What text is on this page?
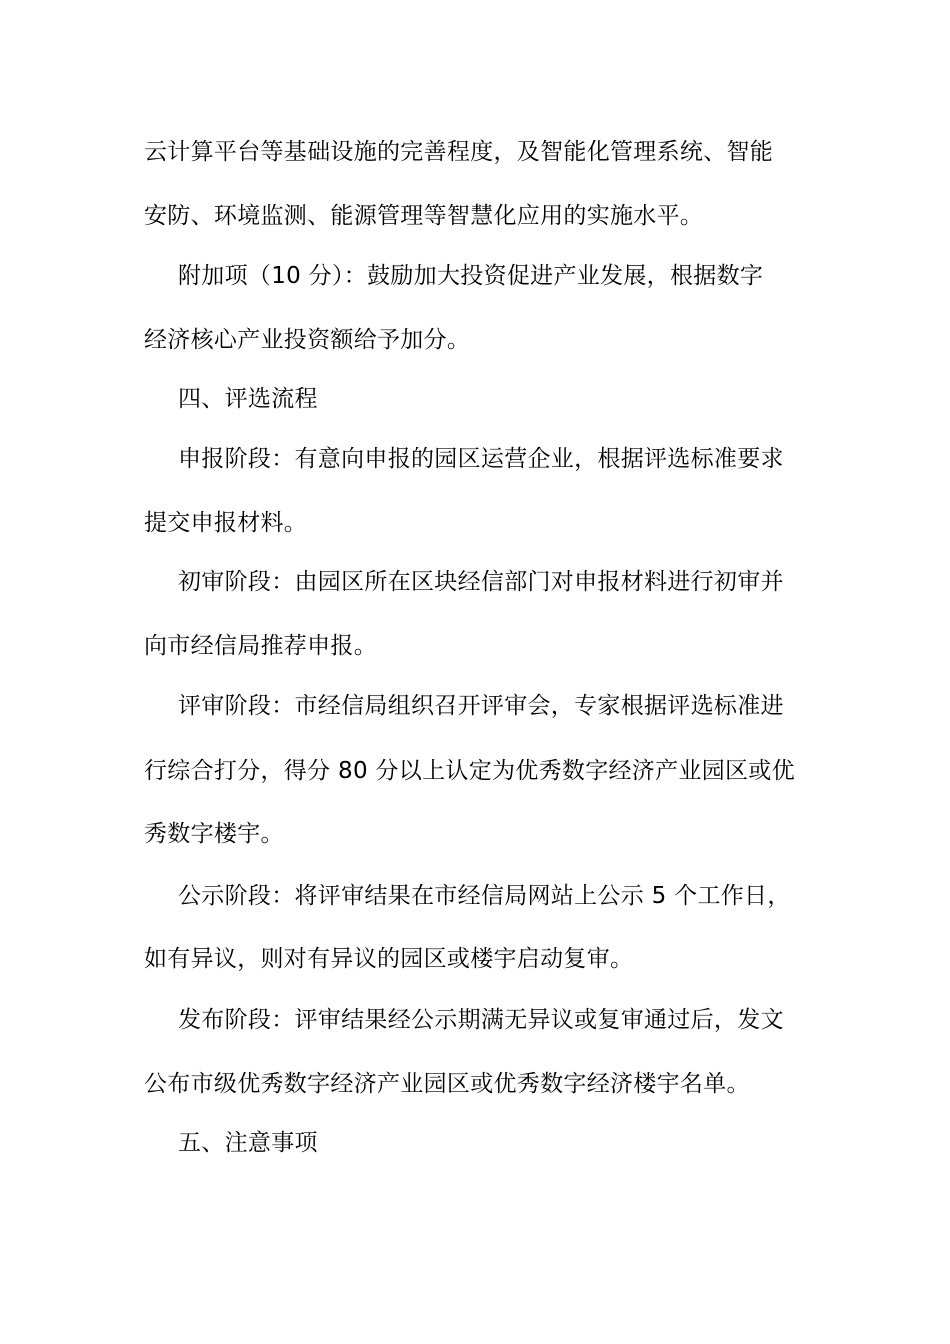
云计算平台等基础设施的完善程度，及智能化管理系统、智能
安防、环境监测、能源管理等智慧化应用的实施水平。
附加项（10 分）：鼓励加大投资促进产业发展，根据数字
经济核心产业投资额给予加分。
四、评选流程
申报阶段：有意向申报的园区运营企业，根据评选标准要求
提交申报材料。
初审阶段：由园区所在区块经信部门对申报材料进行初审并
向市经信局推荐申报。
评审阶段：市经信局组织召开评审会，专家根据评选标准进
行综合打分，得分 80 分以上认定为优秀数字经济产业园区或优
秀数字楼宇。
公示阶段：将评审结果在市经信局网站上公示 5 个工作日，
如有异议，则对有异议的园区或楼宇启动复审。
发布阶段：评审结果经公示期满无异议或复审通过后，发文
公布市级优秀数字经济产业园区或优秀数字经济楼宇名单。
五、注意事项
